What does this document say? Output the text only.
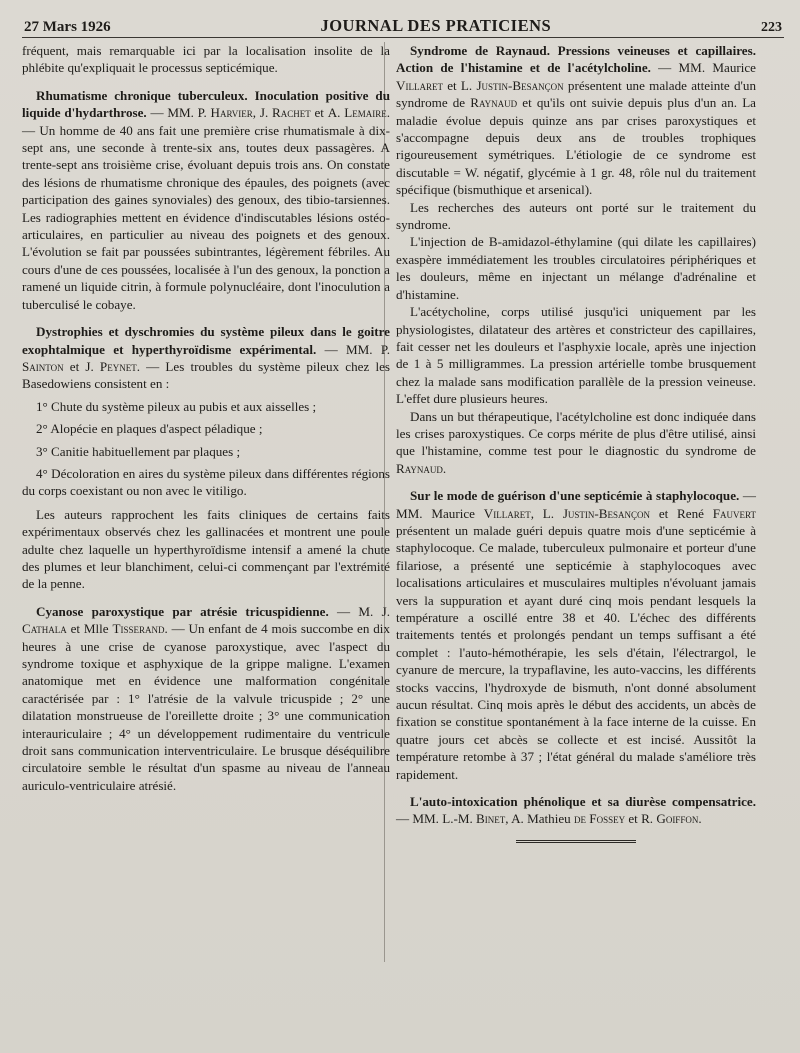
27 Mars 1926	JOURNAL DES PRATICIENS	223

fréquent, mais remarquable ici par la localisation insolite de la phlébite qu'expliquait le processus septicémique.

Rhumatisme chronique tuberculeux. Inoculation positive du liquide d'hydarthrose. — MM. P. Harvier, J. Rachet et A. Lemaire. — Un homme de 40 ans fait une première crise rhumatismale à dix-sept ans, une seconde à trente-six ans, toutes deux passagères. A trente-sept ans troisième crise, évoluant depuis trois ans. On constate des lésions de rhumatisme chronique des épaules, des poignets (avec participation des gaines synoviales) des genoux, des tibio-tarsiennes. Les radiographies mettent en évidence d'indiscutables lésions ostéo-articulaires, en particulier au niveau des poignets et des genoux. L'évolution se fait par poussées subintrantes, légèrement fébriles. Au cours d'une de ces poussées, localisée à l'un des genoux, la ponction a ramené un liquide citrin, à formule polynucléaire, dont l'inoculution a tuberculisé le cobaye.

Dystrophies et dyschromies du système pileux dans le goitre exophtalmique et hyperthyroïdisme expérimental. — MM. P. Sainton et J. Peynet. — Les troubles du système pileux chez les Basedowiens consistent en :

1° Chute du système pileux au pubis et aux aisselles ;

2° Alopécie en plaques d'aspect péladique ;

3° Canitie habituellement par plaques ;

4° Décoloration en aires du système pileux dans différentes régions du corps coexistant ou non avec le vitiligo.

Les auteurs rapprochent les faits cliniques de certains faits expérimentaux observés chez les gallinacées et montrent une poule adulte chez laquelle un hyperthyroïdisme intensif a amené la chute des plumes et leur blanchiment, celui-ci commençant par l'extrémité de la penne.

Cyanose paroxystique par atrésie tricuspidienne. — M. J. Cathala et Mlle Tisserand. — Un enfant de 4 mois succombe en dix heures à une crise de cyanose paroxystique, avec l'aspect du syndrome toxique et asphyxique de la grippe maligne. L'examen anatomique met en évidence une malformation congénitale caractérisée par : 1° l'atrésie de la valvule tricuspide ; 2° une dilatation monstrueuse de l'oreillette droite ; 3° une communication interauriculaire ; 4° un développement rudimentaire du ventricule droit sans communication interventriculaire. Le brusque déséquilibre circulatoire semble le résultat d'un spasme au niveau de l'anneau auriculo-ventriculaire atrésié.

Syndrome de Raynaud. Pressions veineuses et capillaires. Action de l'histamine et de l'acétylcholine. — MM. Maurice Villaret et L. Justin-Besançon présentent une malade atteinte d'un syndrome de Raynaud et qu'ils ont suivie depuis plus d'un an. La maladie évolue depuis quinze ans par crises paroxystiques et s'accompagne depuis deux ans de troubles trophiques rigoureusement symétriques. L'étiologie de ce syndrome est discutable = W. négatif, glycémie à 1 gr. 48, rôle nul du traitement spécifique (bismuthique et arsenical).

Les recherches des auteurs ont porté sur le traitement du syndrome.

L'injection de B-amidazol-éthylamine (qui dilate les capillaires) exaspère immédiatement les troubles circulatoires périphériques et les douleurs, même en injectant un mélange d'adrénaline et d'histamine.

L'acétycholine, corps utilisé jusqu'ici uniquement par les physiologistes, dilatateur des artères et constricteur des capillaires, fait cesser net les douleurs et l'asphyxie locale, après une injection de 1 à 5 milligrammes. La pression artérielle tombe brusquement chez la malade sans modification parallèle de la pression veineuse. L'effet dure plusieurs heures.

Dans un but thérapeutique, l'acétylcholine est donc indiquée dans les crises paroxystiques. Ce corps mérite de plus d'être utilisé, ainsi que l'histamine, comme test pour le diagnostic du syndrome de Raynaud.

Sur le mode de guérison d'une septicémie à staphylocoque. — MM. Maurice Villaret, L. Justin-Besançon et René Fauvert présentent un malade guéri depuis quatre mois d'une septicémie à staphylocoque. Ce malade, tuberculeux pulmonaire et porteur d'une filariose, a présenté une septicémie à staphylocoques avec localisations articulaires et musculaires multiples n'évoluant jamais vers la suppuration et ayant duré cinq mois pendant lesquels la température a oscillé entre 38 et 40. L'échec des différents traitements tentés et prolongés pendant un temps suffisant a été complet : l'auto-hémothérapie, les sels d'étain, l'électrargol, le cyanure de mercure, la trypaflavine, les auto-vaccins, les différents stocks vaccins, l'hydroxyde de bismuth, n'ont donné absolument aucun résultat. Cinq mois après le début des accidents, un abcès de fixation se constitue spontanément à la face interne de la cuisse. En quatre jours cet abcès se collecte et est incisé. Aussitôt la température retombe à 37 ; l'état général du malade s'améliore très rapidement.

L'auto-intoxication phénolique et sa diurèse compensatrice. — MM. L.-M. Binet, A. Mathieu de Fossey et R. Goiffon.
